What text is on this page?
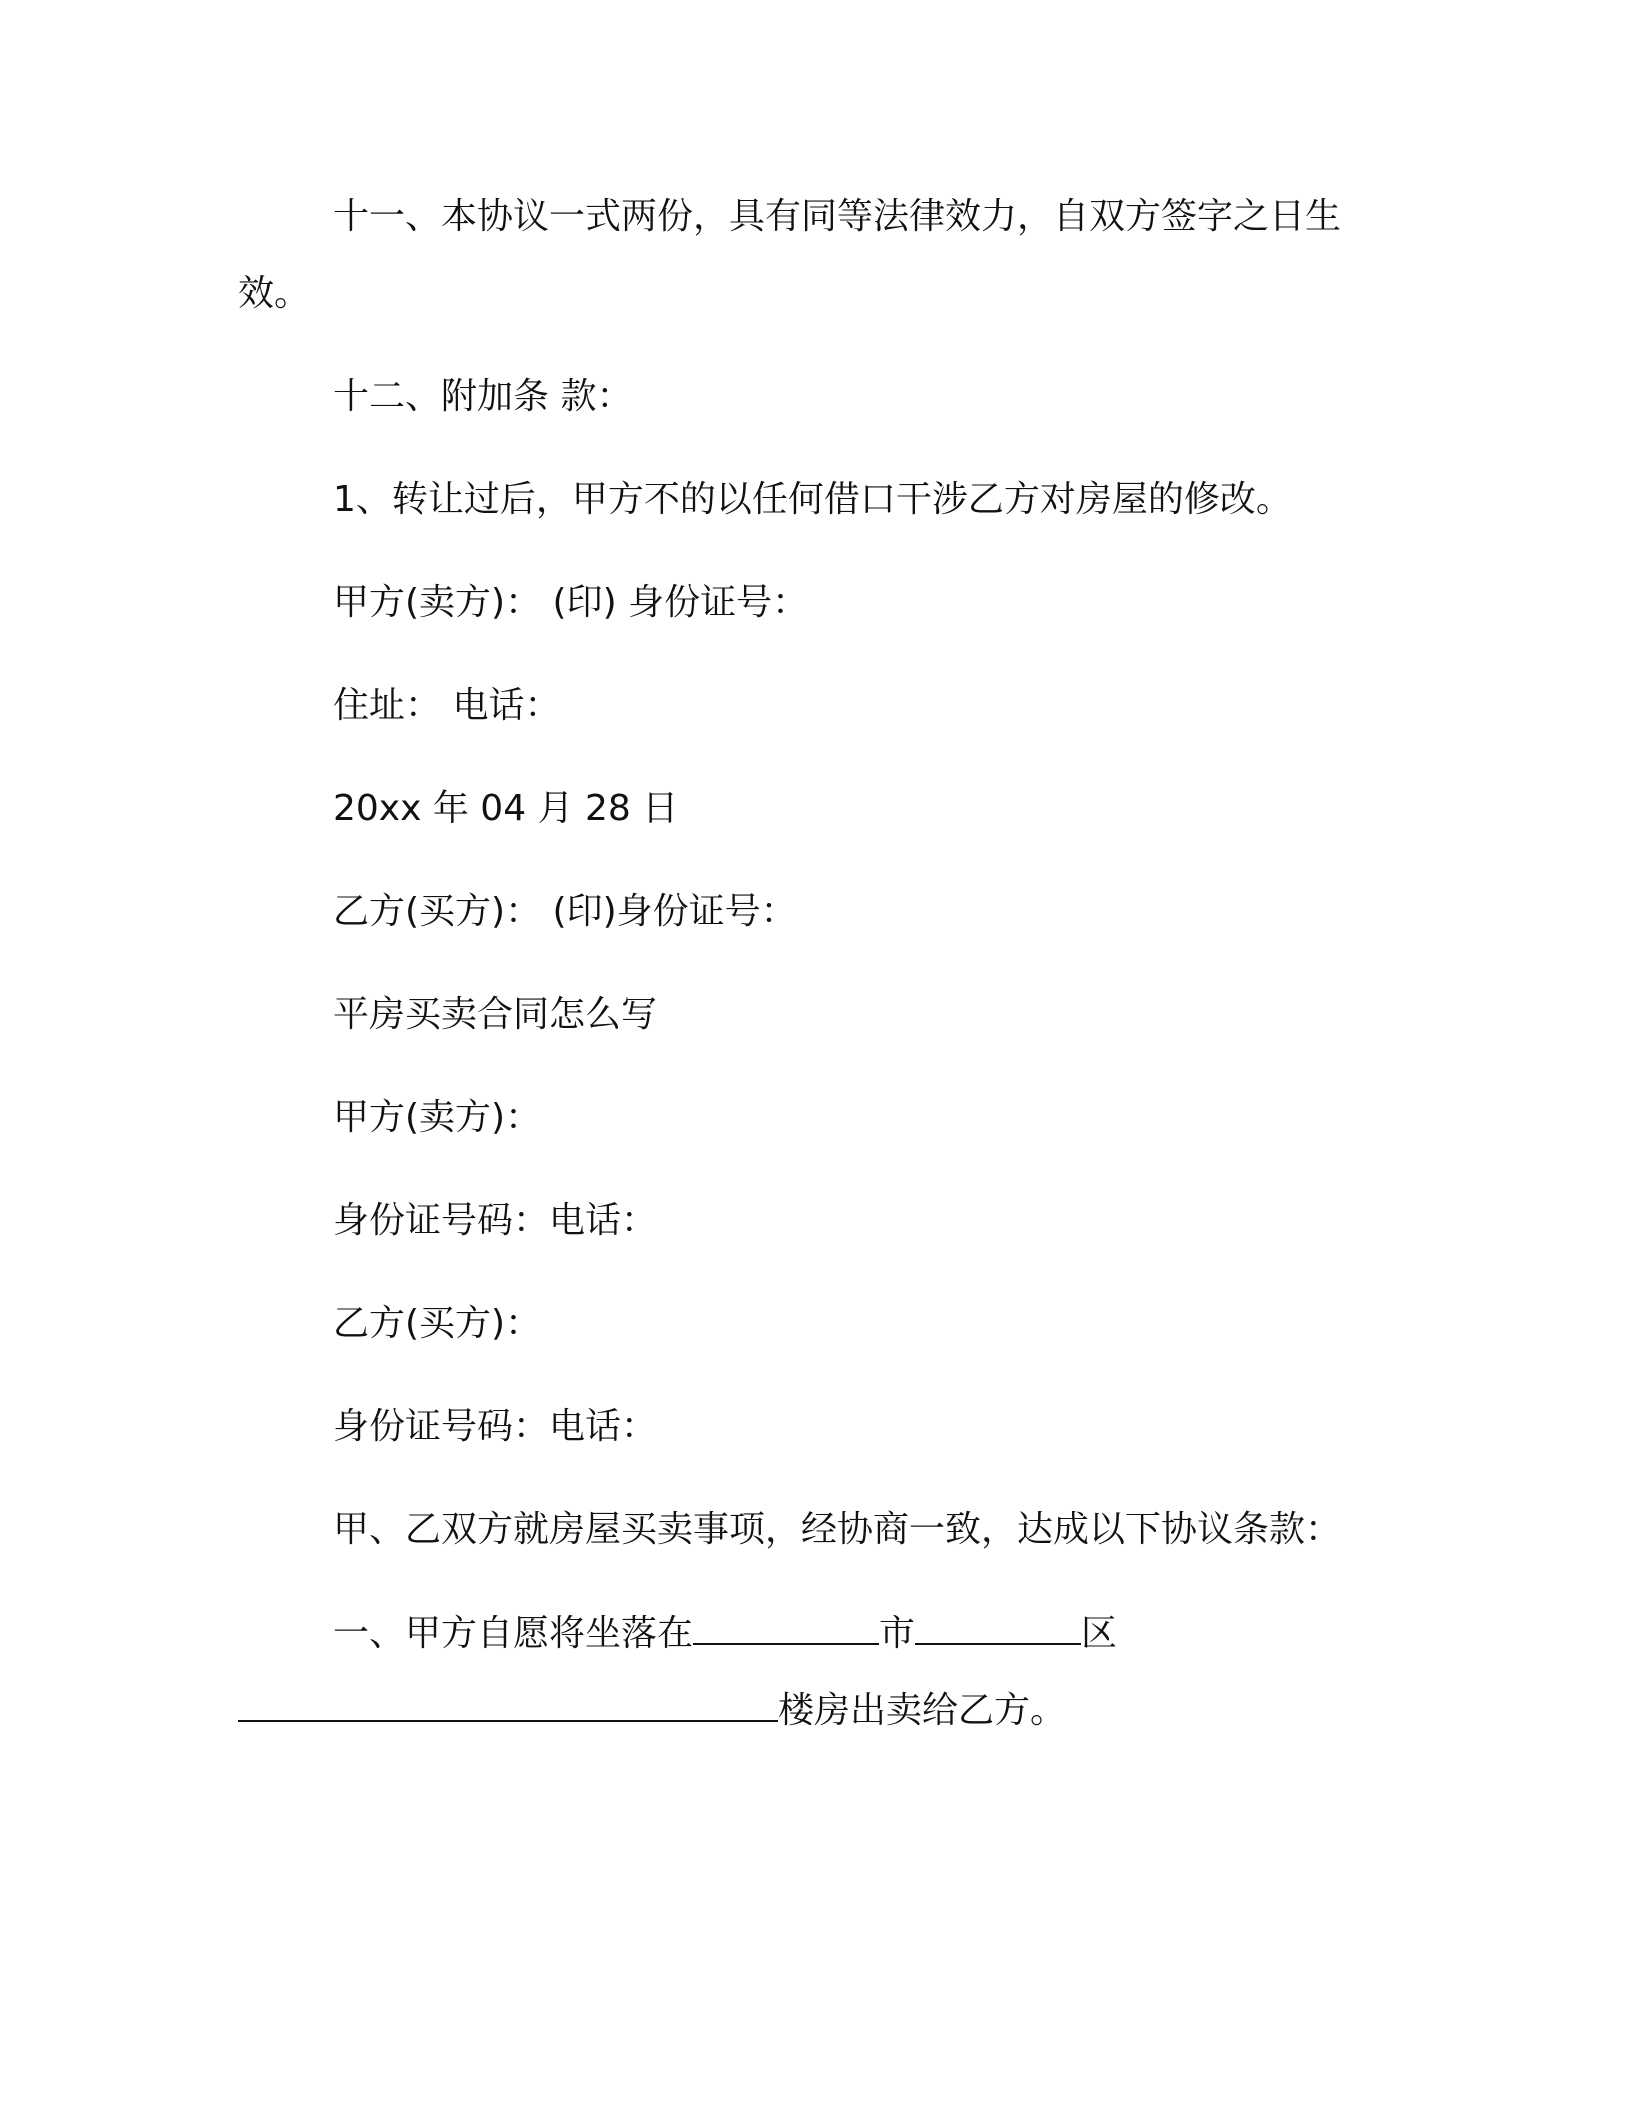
十一、本协议一式两份，具有同等法律效力，自双方签字之日生
效。
十二、附加条 款：
1、转让过后，甲方不的以任何借口干涉乙方对房屋的修改。
甲方(卖方)： (印) 身份证号：
住址： 电话：
20xx 年 04 月 28 日
乙方(买方)： (印)身份证号：
平房买卖合同怎么写
甲方(卖方)：
身份证号码：电话：
乙方(买方)：
身份证号码：电话：
甲、乙双方就房屋买卖事项，经协商一致，达成以下协议条款：
一、甲方自愿将坐落在	市	区
楼房出卖给乙方。
